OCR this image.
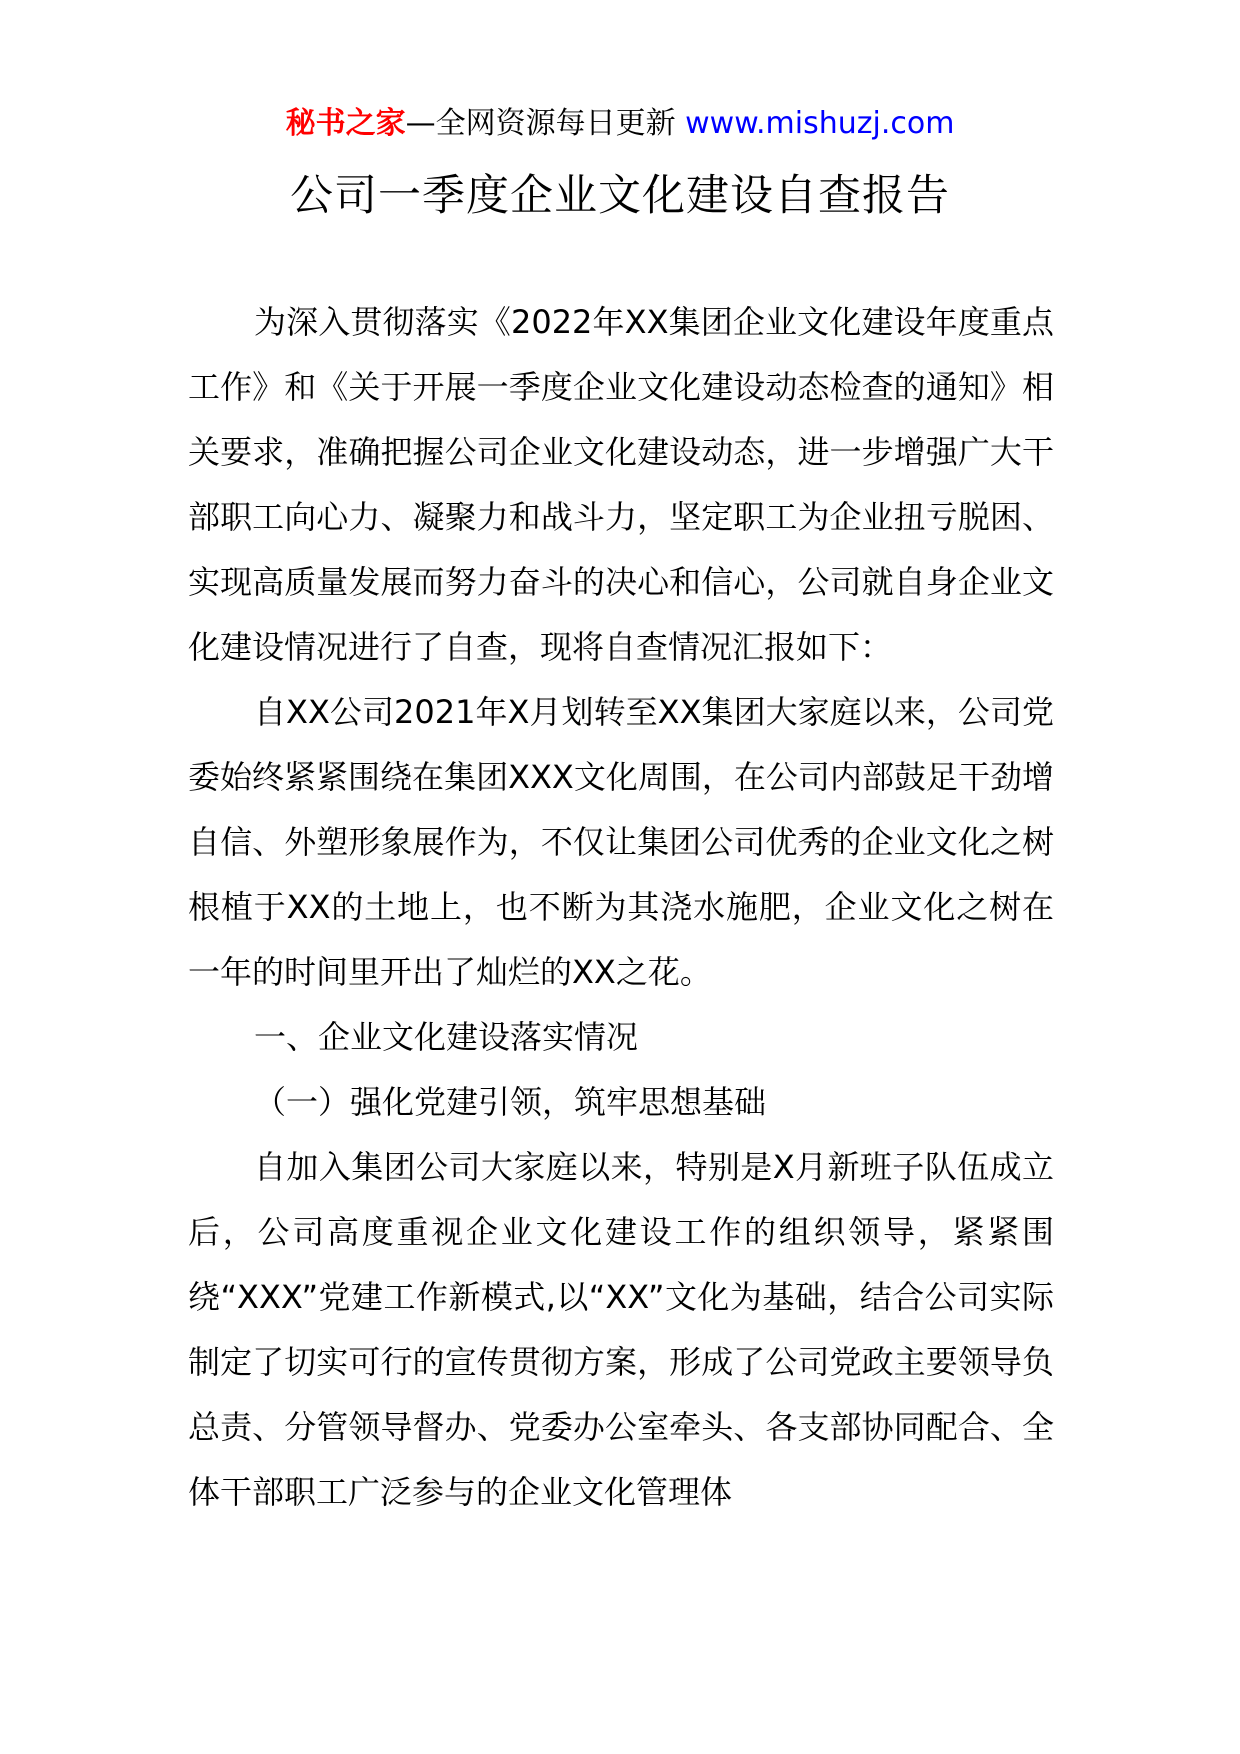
秘书之家—全网资源每日更新 www.mishuzj.com
公司一季度企业文化建设自查报告

为深入贯彻落实《2022年XX集团企业文化建设年度重点工作》和《关于开展一季度企业文化建设动态检查的通知》相关要求，准确把握公司企业文化建设动态，进一步增强广大干部职工向心力、凝聚力和战斗力，坚定职工为企业扭亏脱困、实现高质量发展而努力奋斗的决心和信心，公司就自身企业文化建设情况进行了自查，现将自查情况汇报如下：

自XX公司2021年X月划转至XX集团大家庭以来，公司党委始终紧紧围绕在集团XXX文化周围，在公司内部鼓足干劲增自信、外塑形象展作为，不仅让集团公司优秀的企业文化之树根植于XX的土地上，也不断为其浇水施肥，企业文化之树在一年的时间里开出了灿烂的XX之花。

一、企业文化建设落实情况

（一）强化党建引领，筑牢思想基础

自加入集团公司大家庭以来，特别是X月新班子队伍成立后，公司高度重视企业文化建设工作的组织领导，紧紧围绕“XXX”党建工作新模式,以“XX”文化为基础，结合公司实际制定了切实可行的宣传贯彻方案，形成了公司党政主要领导负总责、分管领导督办、党委办公室牵头、各支部协同配合、全体干部职工广泛参与的企业文化管理体
